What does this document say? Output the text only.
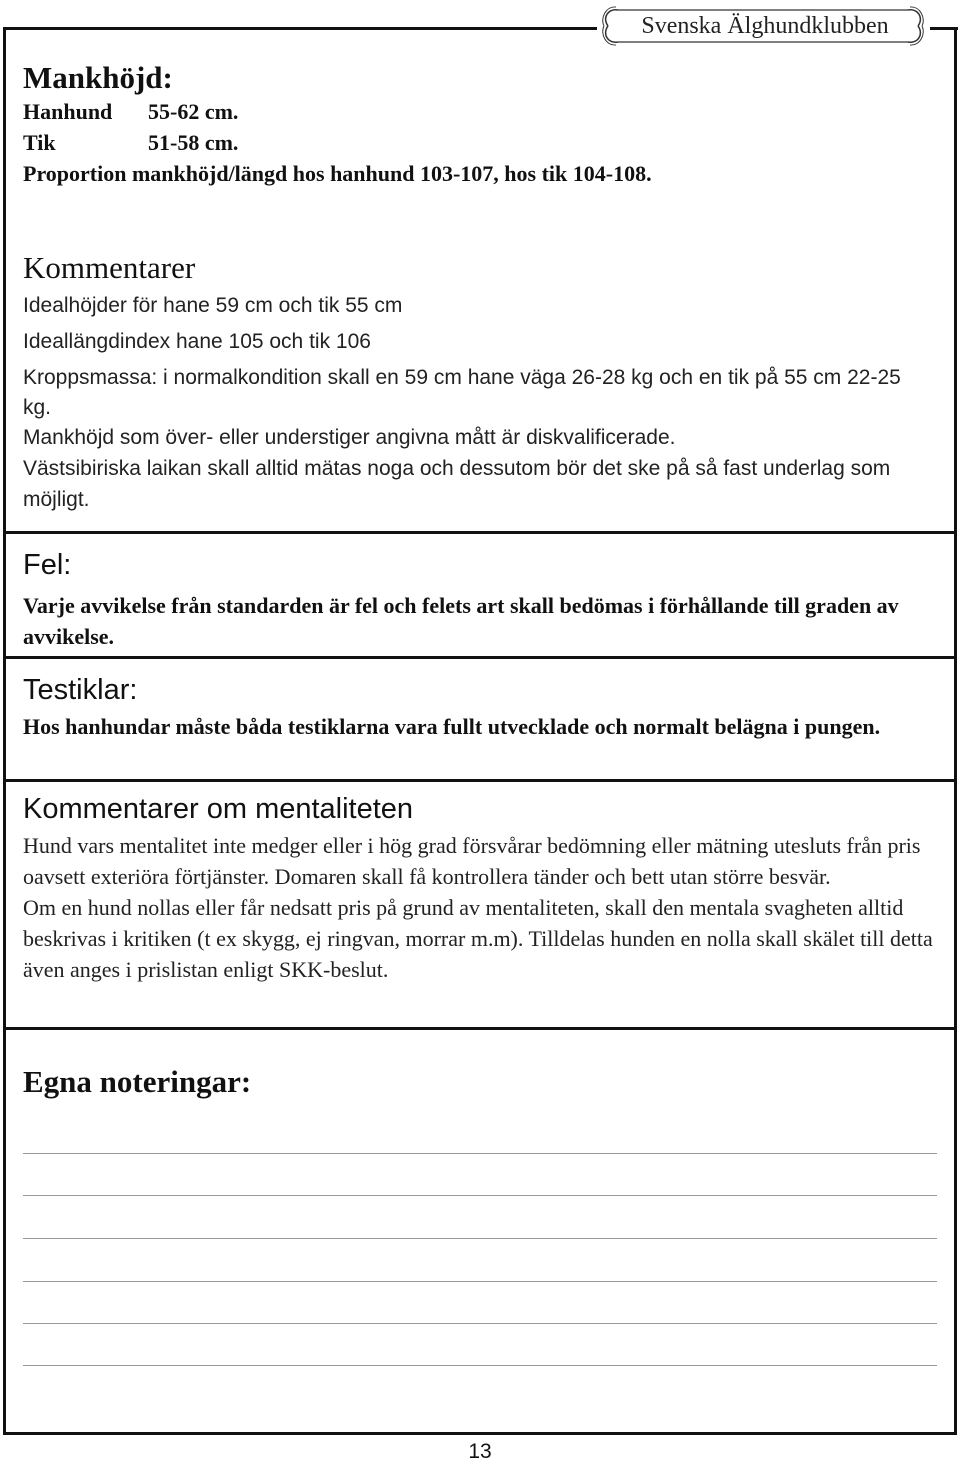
Svenska Älghundklubben
Mankhöjd:
Hanhund	55-62 cm.
Tik	51-58 cm.
Proportion mankhöjd/längd hos hanhund 103-107, hos tik 104-108.
Kommentarer
Idealhöjder för hane 59 cm och tik 55 cm
Ideallängdindex hane 105 och tik 106
Kroppsmassa: i normalkondition skall en 59 cm hane väga 26-28 kg och en tik på 55 cm 22-25 kg.
Mankhöjd som över- eller understiger angivna mått är diskvalificerade.
Västsibiriska laikan skall alltid mätas noga och dessutom bör det ske på så fast underlag som möjligt.
Fel:
Varje avvikelse från standarden är fel och felets art skall bedömas i förhållande till graden av avvikelse.
Testiklar:
Hos hanhundar måste båda testiklarna vara fullt utvecklade och normalt belägna i pungen.
Kommentarer om mentaliteten
Hund vars mentalitet inte medger eller i hög grad försvårar bedömning eller mätning utesluts från pris oavsett exteriöra förtjänster. Domaren skall få kontrollera tänder och bett utan större besvär.
Om en hund nollas eller får nedsatt pris på grund av mentaliteten, skall den mentala svagheten alltid beskrivas i kritiken (t ex skygg, ej ringvan, morrar m.m). Tilldelas hunden en nolla skall skälet till detta även anges i prislistan enligt SKK-beslut.
Egna noteringar:
13
